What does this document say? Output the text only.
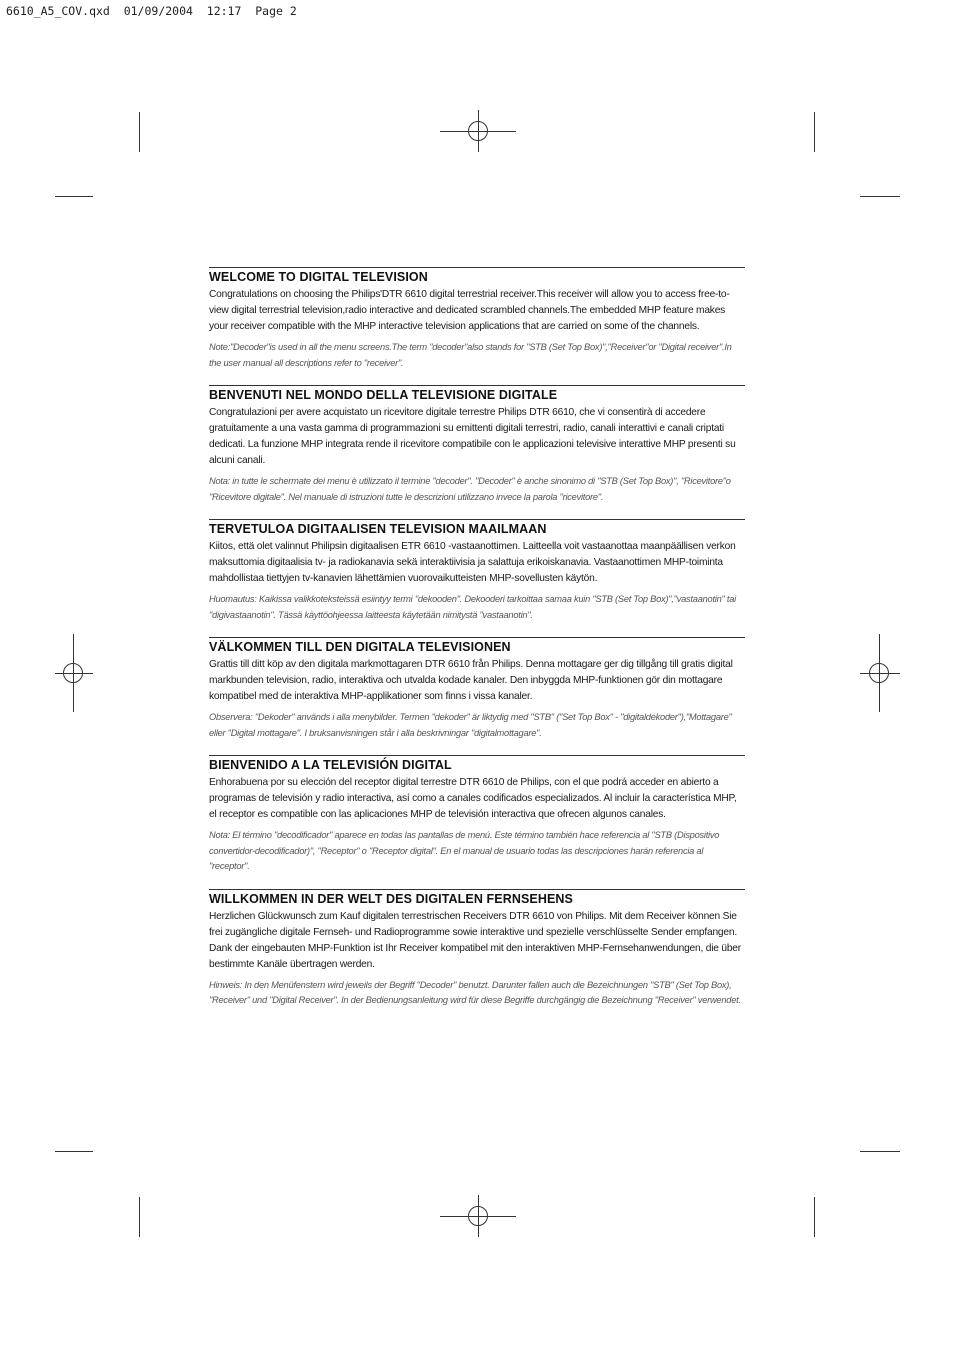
6610_A5_COV.qxd  01/09/2004  12:17  Page 2
WELCOME TO DIGITAL TELEVISION

Congratulations on choosing the Philips'DTR 6610 digital terrestrial receiver.This receiver will allow you to access free-to-view digital terrestrial television,radio interactive and dedicated scrambled channels.The embedded MHP feature makes your receiver compatible with the MHP interactive television applications that are carried on some of the channels.

Note:"Decoder"is used in all the menu screens.The term "decoder"also stands for "STB (Set Top Box)","Receiver"or "Digital receiver".In the user manual all descriptions refer to "receiver".

BENVENUTI NEL MONDO DELLA TELEVISIONE DIGITALE

Congratulazioni per avere acquistato un ricevitore digitale terrestre Philips DTR 6610, che vi consentirà di accedere gratuitamente a una vasta gamma di programmazioni su emittenti digitali terrestri, radio, canali interattivi e canali criptati dedicati. La funzione MHP integrata rende il ricevitore compatibile con le applicazioni televisive interattive MHP presenti su alcuni canali.

Nota: in tutte le schermate dei menu è utilizzato il termine "decoder". "Decoder" è anche sinonimo di "STB (Set Top Box)", "Ricevitore"o "Ricevitore digitale". Nel manuale di istruzioni tutte le descrizioni utilizzano invece la parola "ricevitore".

TERVETULOA DIGITAALISEN TELEVISION MAAILMAAN

Kiitos, että olet valinnut Philipsin digitaalisen ETR 6610 -vastaanottimen. Laitteella voit vastaanottaa maanpäällisen verkon maksuttomia digitaalisia tv- ja radiokanavia sekä interaktiivisia ja salattuja erikoiskanavia. Vastaanottimen MHP-toiminta mahdollistaa tiettyjen tv-kanavien lähettämien vuorovaikutteisten MHP-sovellusten käytön.

Huomautus: Kaikissa valikkoteksteissä esiintyy termi "dekooden". Dekooderi tarkoittaa samaa kuin "STB (Set Top Box)","vastaanotin" tai "digivastaanotin". Tässä käyttöohjeessa laitteesta käytetään nimitystä "vastaanotin".

VÄLKOMMEN TILL DEN DIGITALA TELEVISIONEN

Grattis till ditt köp av den digitala markmottagaren DTR 6610 från Philips. Denna mottagare ger dig tillgång till gratis digital markbunden television, radio, interaktiva och utvalda kodade kanaler. Den inbyggda MHP-funktionen gör din mottagare kompatibel med de interaktiva MHP-applikationer som finns i vissa kanaler.

Observera: "Dekoder" används i alla menybilder. Termen "dekoder" är liktydig med "STB" ("Set Top Box" - "digitaldekoder"),"Mottagare" eller "Digital mottagare". I bruksanvisningen står i alla beskrivningar "digitalmottagare".

BIENVENIDO A LA TELEVISIÓN DIGITAL

Enhorabuena por su elección del receptor digital terrestre DTR 6610 de Philips, con el que podrá acceder en abierto a programas de televisión y radio interactiva, así como a canales codificados especializados. Al incluir la característica MHP, el receptor es compatible con las aplicaciones MHP de televisión interactiva que ofrecen algunos canales.

Nota: El término "decodificador" aparece en todas las pantallas de menú. Este término también hace referencia al "STB (Dispositivo convertidor-decodificador)", "Receptor" o "Receptor digital". En el manual de usuario todas las descripciones harán referencia al "receptor".

WILLKOMMEN IN DER WELT DES DIGITALEN FERNSEHENS

Herzlichen Glückwunsch zum Kauf digitalen terrestrischen Receivers DTR 6610 von Philips. Mit dem Receiver können Sie frei zugängliche digitale Fernseh- und Radioprogramme sowie interaktive und spezielle verschlüsselte Sender empfangen. Dank der eingebauten MHP-Funktion ist Ihr Receiver kompatibel mit den interaktiven MHP-Fernsehanwendungen, die über bestimmte Kanäle übertragen werden.

Hinweis: In den Menüfenstern wird jeweils der Begriff "Decoder" benutzt. Darunter fallen auch die Bezeichnungen "STB" (Set Top Box), "Receiver" und "Digital Receiver". In der Bedienungsanleitung wird für diese Begriffe durchgängig die Bezeichnung "Receiver" verwendet.
